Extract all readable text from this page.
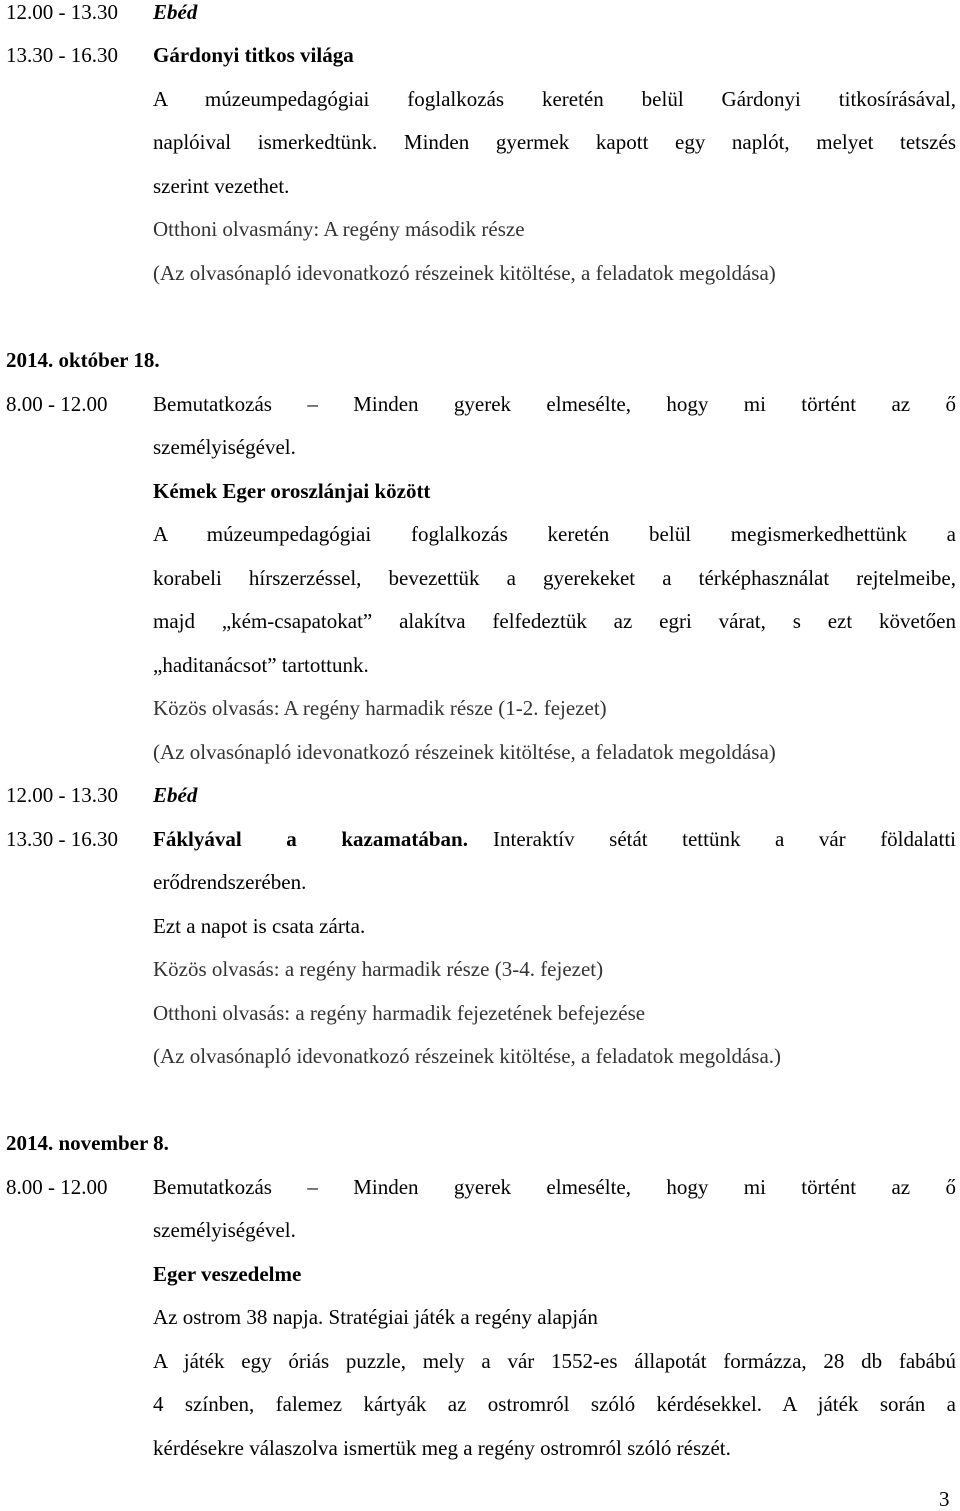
12.00 - 13.30 Ebéd
13.30 - 16.30 Gárdonyi titkos világa
A múzeumpedagógiai foglalkozás keretén belül Gárdonyi titkosírásával,
naplóival ismerkedtünk. Minden gyermek kapott egy naplót, melyet tetszés
szerint vezethet.
Otthoni olvasmány: A regény második része
(Az olvasónapló idevonatkozó részeinek kitöltése, a feladatok megoldása)
2014. október 18.
8.00 - 12.00 Bemutatkozás – Minden gyerek elmesélte, hogy mi történt az ő
személyiségével.
Kémek Eger oroszlánjai között
A múzeumpedagógiai foglalkozás keretén belül megismerkedhettünk a
korabeli hírszerzéssel, bevezettük a gyerekeket a térképhasználat rejtelmeibe,
majd „kém-csapatokat” alakítva felfedeztük az egri várat, s ezt követően
„haditanácsot” tartottunk.
Közös olvasás: A regény harmadik része (1-2. fejezet)
(Az olvasónapló idevonatkozó részeinek kitöltése, a feladatok megoldása)
12.00 - 13.30 Ebéd
13.30 - 16.30 Fáklyával a kazamatában. Interaktív sétát tettünk a vár földalatti
erődrendszerében.
Ezt a napot is csata zárta.
Közös olvasás: a regény harmadik része (3-4. fejezet)
Otthoni olvasás: a regény harmadik fejezetének befejezése
(Az olvasónapló idevonatkozó részeinek kitöltése, a feladatok megoldása.)
2014. november 8.
8.00 - 12.00 Bemutatkozás – Minden gyerek elmesélte, hogy mi történt az ő
személyiségével.
Eger veszedelme
Az ostrom 38 napja. Stratégiai játék a regény alapján
A játék egy óriás puzzle, mely a vár 1552-es állapotát formázza, 28 db fabábú
4 színben, falemez kártyák az ostromról szóló kérdésekkel. A játék során a
kérdésekre válaszolva ismertük meg a regény ostromról szóló részét.
3
